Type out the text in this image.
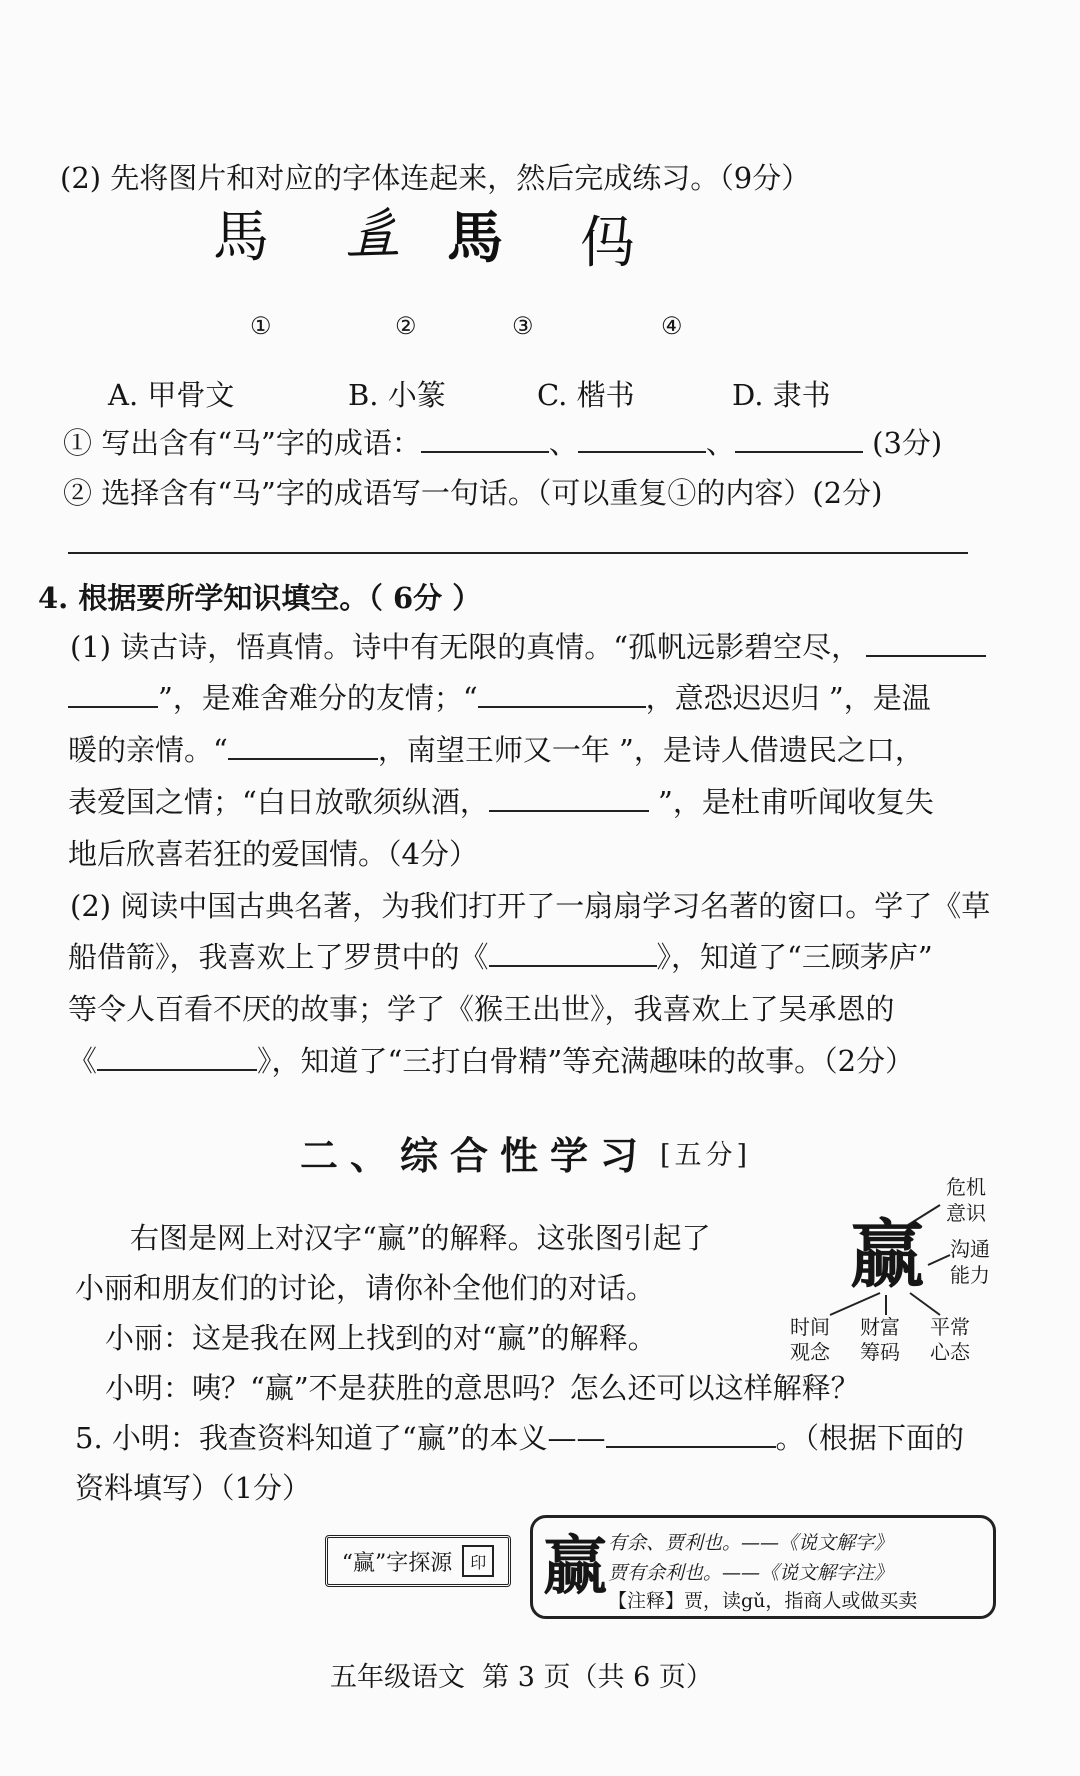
(2) 先将图片和对应的字体连起来，然后完成练习。（9分）
馬 𢒉 馬 㐷
①	②	③	④
A. 甲骨文	B. 小篆	C. 楷书	D. 隶书
① 写出含有“马”字的成语：	、	、	(3分)
② 选择含有“马”字的成语写一句话。（可以重复①的内容）(2分)
4. 根据要所学知识填空。（ 6分 ）
(1) 读古诗，悟真情。诗中有无限的真情。“孤帆远影碧空尽，
”，是难舍难分的友情；“	，意恐迟迟归 ”，是温
暖的亲情。“	，南望王师又一年 ”，是诗人借遗民之口，
表爱国之情；“白日放歌须纵酒，	”，是杜甫听闻收复失
地后欣喜若狂的爱国情。（4分）
(2) 阅读中国古典名著，为我们打开了一扇扇学习名著的窗口。学了《草
船借箭》，我喜欢上了罗贯中的《	》，知道了“三顾茅庐”
等令人百看不厌的故事；学了《猴王出世》，我喜欢上了吴承恩的
《	》，知道了“三打白骨精”等充满趣味的故事。（2分）
二、综合性学习 [五分]
右图是网上对汉字“赢”的解释。这张图引起了
小丽和朋友们的讨论，请你补全他们的对话。
小丽：这是我在网上找到的对“赢”的解释。
小明：咦？“赢”不是获胜的意思吗？怎么还可以这样解释？
5. 小明：我查资料知道了“赢”的本义——	。（根据下面的
资料填写）（1分）
赢
危机
意识
沟通
能力
时间
观念
财富
筹码
平常
心态
“赢”字探源	印 赢 有余、贾利也。——《说文解字》
贾有余利也。——《说文解字注》
【注释】贾，读gǔ，指商人或做买卖
五年级语文  第 3 页（共 6 页）
